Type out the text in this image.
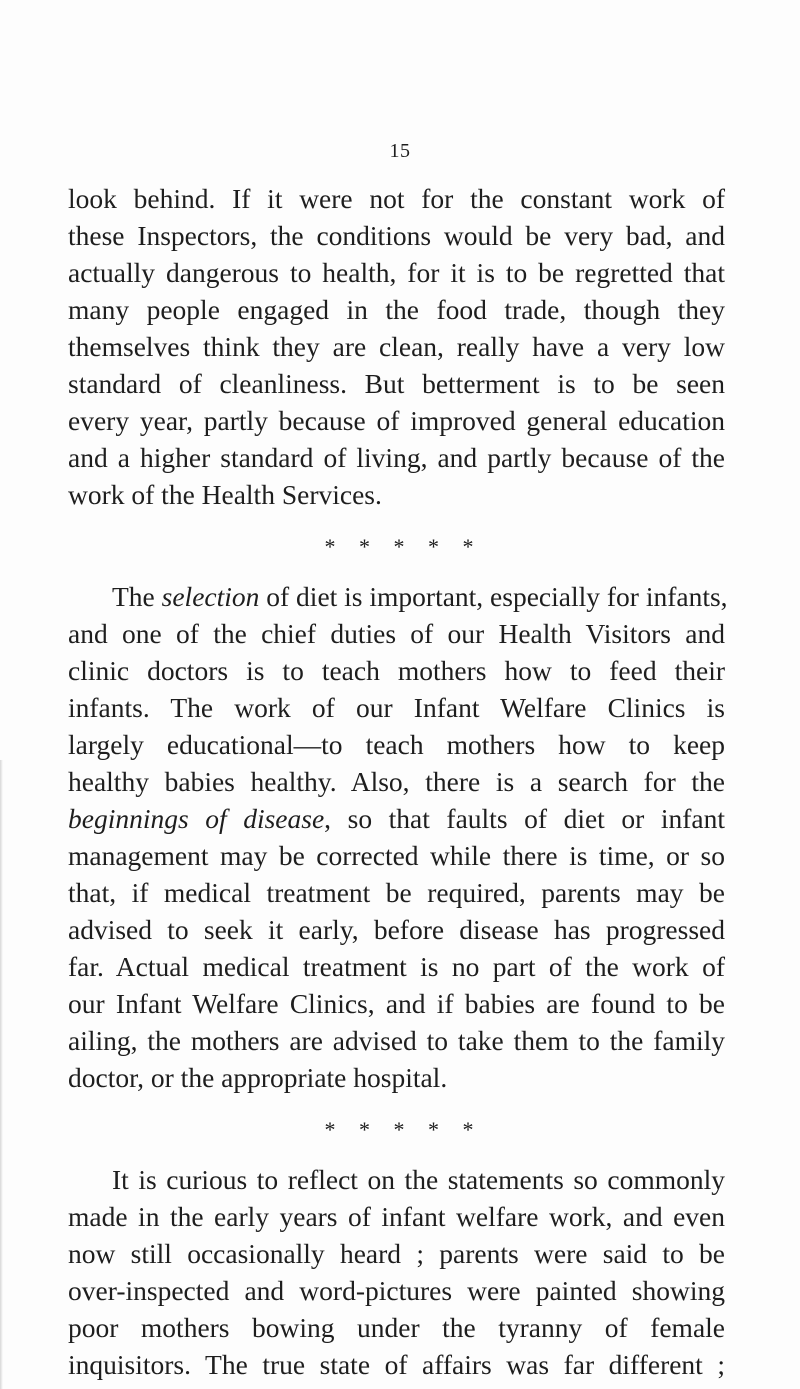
15
look behind. If it were not for the constant work of
these Inspectors, the conditions would be very bad, and
actually dangerous to health, for it is to be regretted that
many people engaged in the food trade, though they
themselves think they are clean, really have a very low
standard of cleanliness. But betterment is to be seen
every year, partly because of improved general education
and a higher standard of living, and partly because of the
work of the Health Services.
* * * * *
The selection of diet is important, especially for infants,
and one of the chief duties of our Health Visitors and
clinic doctors is to teach mothers how to feed their
infants. The work of our Infant Welfare Clinics is
largely educational—to teach mothers how to keep
healthy babies healthy. Also, there is a search for the
beginnings of disease, so that faults of diet or infant
management may be corrected while there is time, or so
that, if medical treatment be required, parents may be
advised to seek it early, before disease has progressed
far. Actual medical treatment is no part of the work of
our Infant Welfare Clinics, and if babies are found to be
ailing, the mothers are advised to take them to the family
doctor, or the appropriate hospital.
* * * * *
It is curious to reflect on the statements so commonly
made in the early years of infant welfare work, and even
now still occasionally heard ; parents were said to be
over-inspected and word-pictures were painted showing
poor mothers bowing under the tyranny of female
inquisitors. The true state of affairs was far different ;
